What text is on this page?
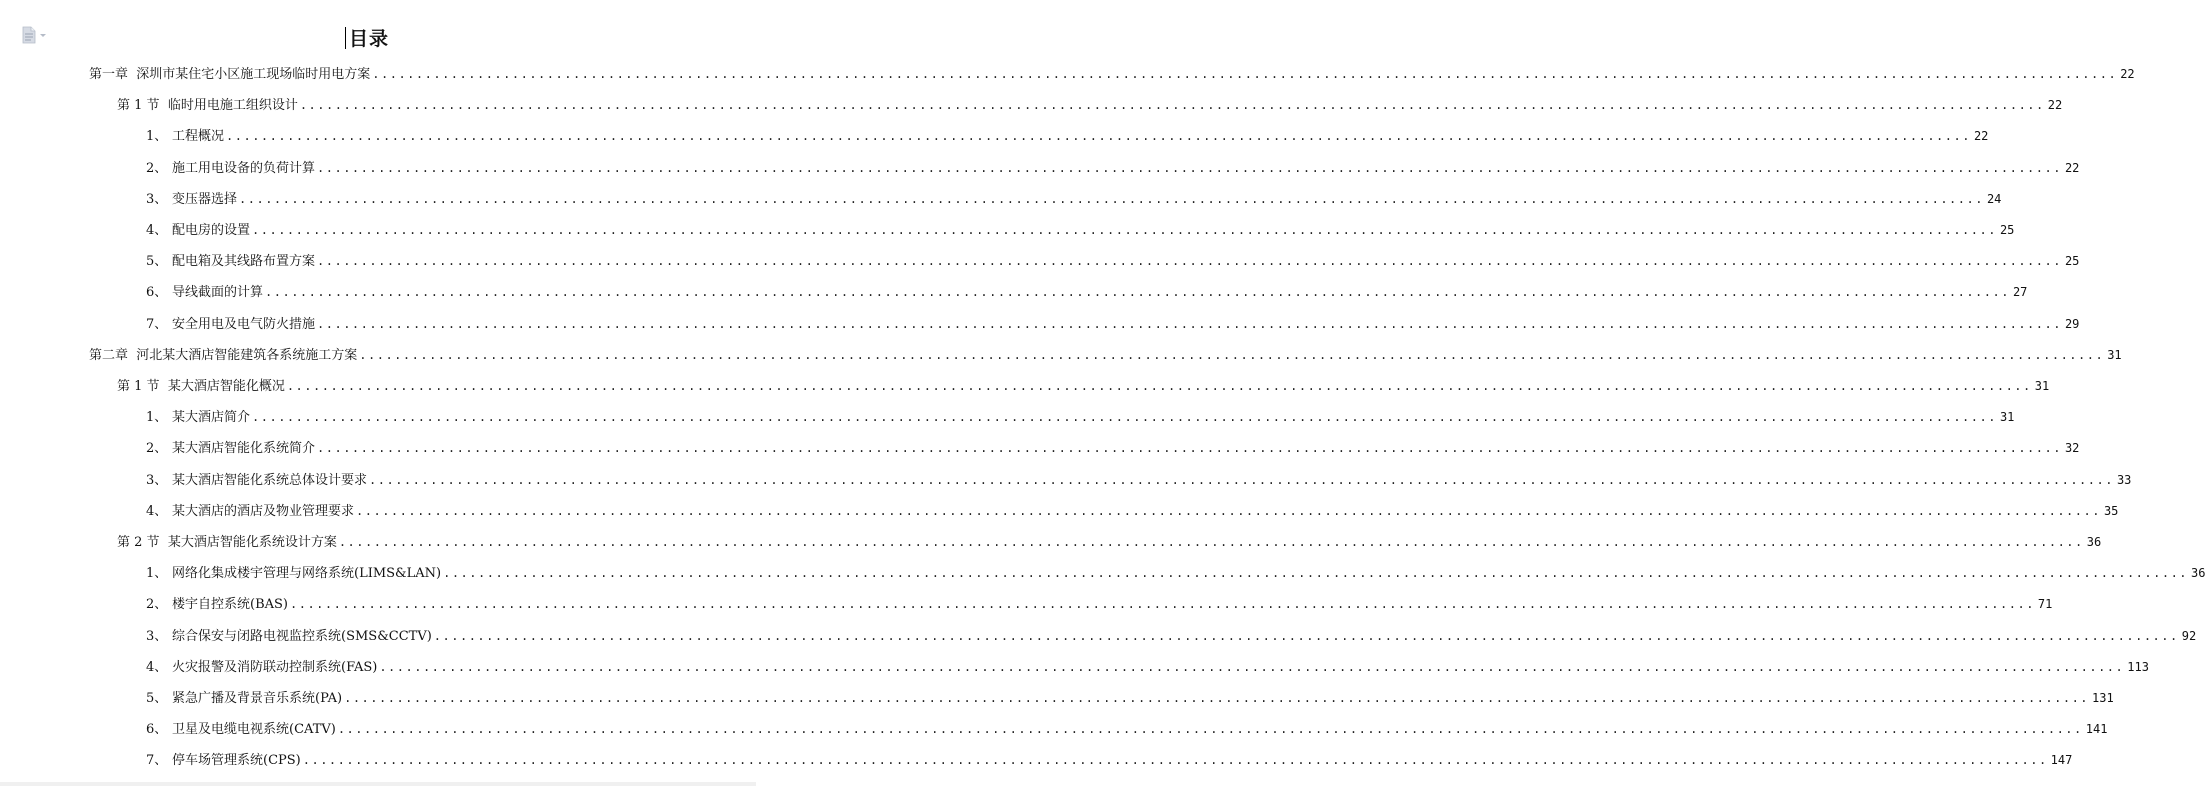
目录
第一章 深圳市某住宅小区施工现场临时用电方案 ........................................................................................................................................................................................................ 22
第 1 节 临时用电施工组织设计 ........................................................................................................................................................................................................ 22
1、 工程概况 ........................................................................................................................................................................................................ 22
2、 施工用电设备的负荷计算 ........................................................................................................................................................................................................ 22
3、 变压器选择 ........................................................................................................................................................................................................ 24
4、 配电房的设置 ........................................................................................................................................................................................................ 25
5、 配电箱及其线路布置方案 ........................................................................................................................................................................................................ 25
6、 导线截面的计算 ........................................................................................................................................................................................................ 27
7、 安全用电及电气防火措施 ........................................................................................................................................................................................................ 29
第二章 河北某大酒店智能建筑各系统施工方案 ........................................................................................................................................................................................................ 31
第 1 节 某大酒店智能化概况 ........................................................................................................................................................................................................ 31
1、 某大酒店简介 ........................................................................................................................................................................................................ 31
2、 某大酒店智能化系统简介 ........................................................................................................................................................................................................ 32
3、 某大酒店智能化系统总体设计要求 ........................................................................................................................................................................................................ 33
4、 某大酒店的酒店及物业管理要求 ........................................................................................................................................................................................................ 35
第 2 节 某大酒店智能化系统设计方案 ........................................................................................................................................................................................................ 36
1、 网络化集成楼宇管理与网络系统(LIMS&LAN) ........................................................................................................................................................................................................ 36
2、 楼宇自控系统(BAS) ........................................................................................................................................................................................................ 71
3、 综合保安与闭路电视监控系统(SMS&CCTV) ........................................................................................................................................................................................................ 92
4、 火灾报警及消防联动控制系统(FAS) ........................................................................................................................................................................................................ 113
5、 紧急广播及背景音乐系统(PA) ........................................................................................................................................................................................................ 131
6、 卫星及电缆电视系统(CATV) ........................................................................................................................................................................................................ 141
7、 停车场管理系统(CPS) ........................................................................................................................................................................................................ 147
